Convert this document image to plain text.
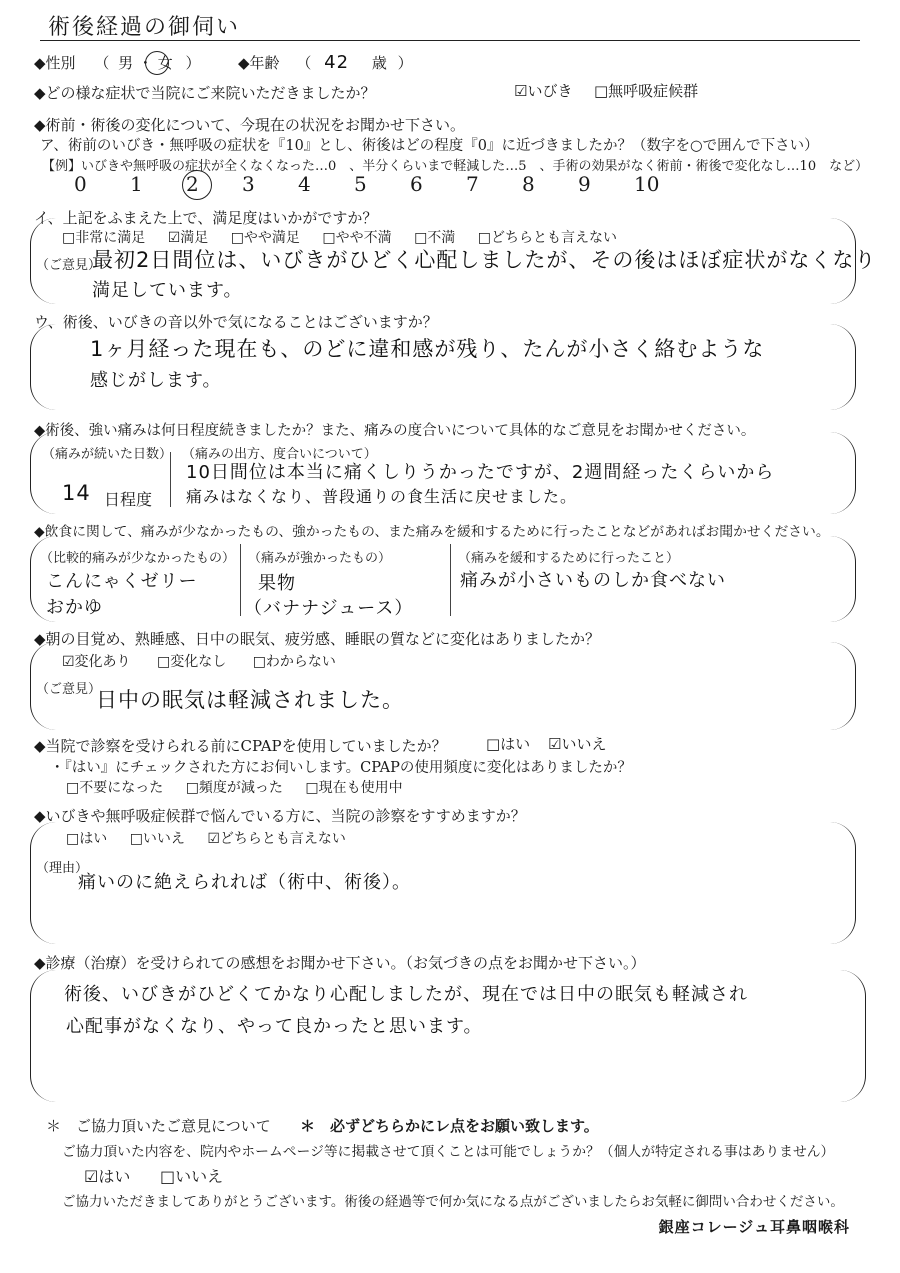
術後経過の御伺い
◆性別 （ 男 ・ 女 ） ◆年齢 （ 42 歳 ）
◆どの様な症状で当院にご来院いただきましたか？	☑いびき □無呼吸症候群
◆術前・術後の変化について、今現在の状況をお聞かせ下さい。
ア、術前のいびき・無呼吸の症状を『10』とし、術後はどの程度『0』に近づきましたか？（数字を○で囲んで下さい）
【例】いびきや無呼吸の症状が全くなくなった…0　、半分くらいまで軽減した…5　、手術の効果がなく術前・術後で変化なし…10　など）
0 1 2 3 4 5 6 7 8 9 10
イ、上記をふまえた上で、満足度はいかがですか？
□非常に満足 ☑満足 □やや満足 □やや不満 □不満 □どちらとも言えない
（ご意見）
最初2日間位は、いびきがひどく心配しましたが、その後はほぼ症状がなくなり
満足しています。
ウ、術後、いびきの音以外で気になることはございますか？
1ヶ月経った現在も、のどに違和感が残り、たんが小さく絡むような
感じがします。
◆術後、強い痛みは何日程度続きましたか？また、痛みの度合いについて具体的なご意見をお聞かせください。
（痛みが続いた日数）
14 日程度
（痛みの出方、度合いについて）
10日間位は本当に痛くしりうかったですが、2週間経ったくらいから
痛みはなくなり、普段通りの食生活に戻せました。
◆飲食に関して、痛みが少なかったもの、強かったもの、また痛みを緩和するために行ったことなどがあればお聞かせください。
（比較的痛みが少なかったもの）
こんにゃくゼリー
おかゆ
（痛みが強かったもの）
果物
（バナナジュース）
（痛みを緩和するために行ったこと）
痛みが小さいものしか食べない
◆朝の目覚め、熟睡感、日中の眠気、疲労感、睡眠の質などに変化はありましたか？
☑変化あり □変化なし □わからない
（ご意見）
日中の眠気は軽減されました。
◆当院で診察を受けられる前にCPAPを使用していましたか？	□はい ☑いいえ
・『はい』にチェックされた方にお伺いします。CPAPの使用頻度に変化はありましたか？
□不要になった □頻度が減った □現在も使用中
◆いびきや無呼吸症候群で悩んでいる方に、当院の診察をすすめますか？
□はい □いいえ ☑どちらとも言えない
（理由）
痛いのに絶えられれば（術中、術後）。
◆診療（治療）を受けられての感想をお聞かせ下さい。（お気づきの点をお聞かせ下さい。）
術後、いびきがひどくてかなり心配しましたが、現在では日中の眠気も軽減され
心配事がなくなり、やって良かったと思います。
＊　ご協力頂いたご意見について ＊　必ずどちらかにレ点をお願い致します。
ご協力頂いた内容を、院内やホームページ等に掲載させて頂くことは可能でしょうか？（個人が特定される事はありません）
☑はい □いいえ
ご協力いただきましてありがとうございます。術後の経過等で何か気になる点がございましたらお気軽に御問い合わせください。
銀座コレージュ耳鼻咽喉科
